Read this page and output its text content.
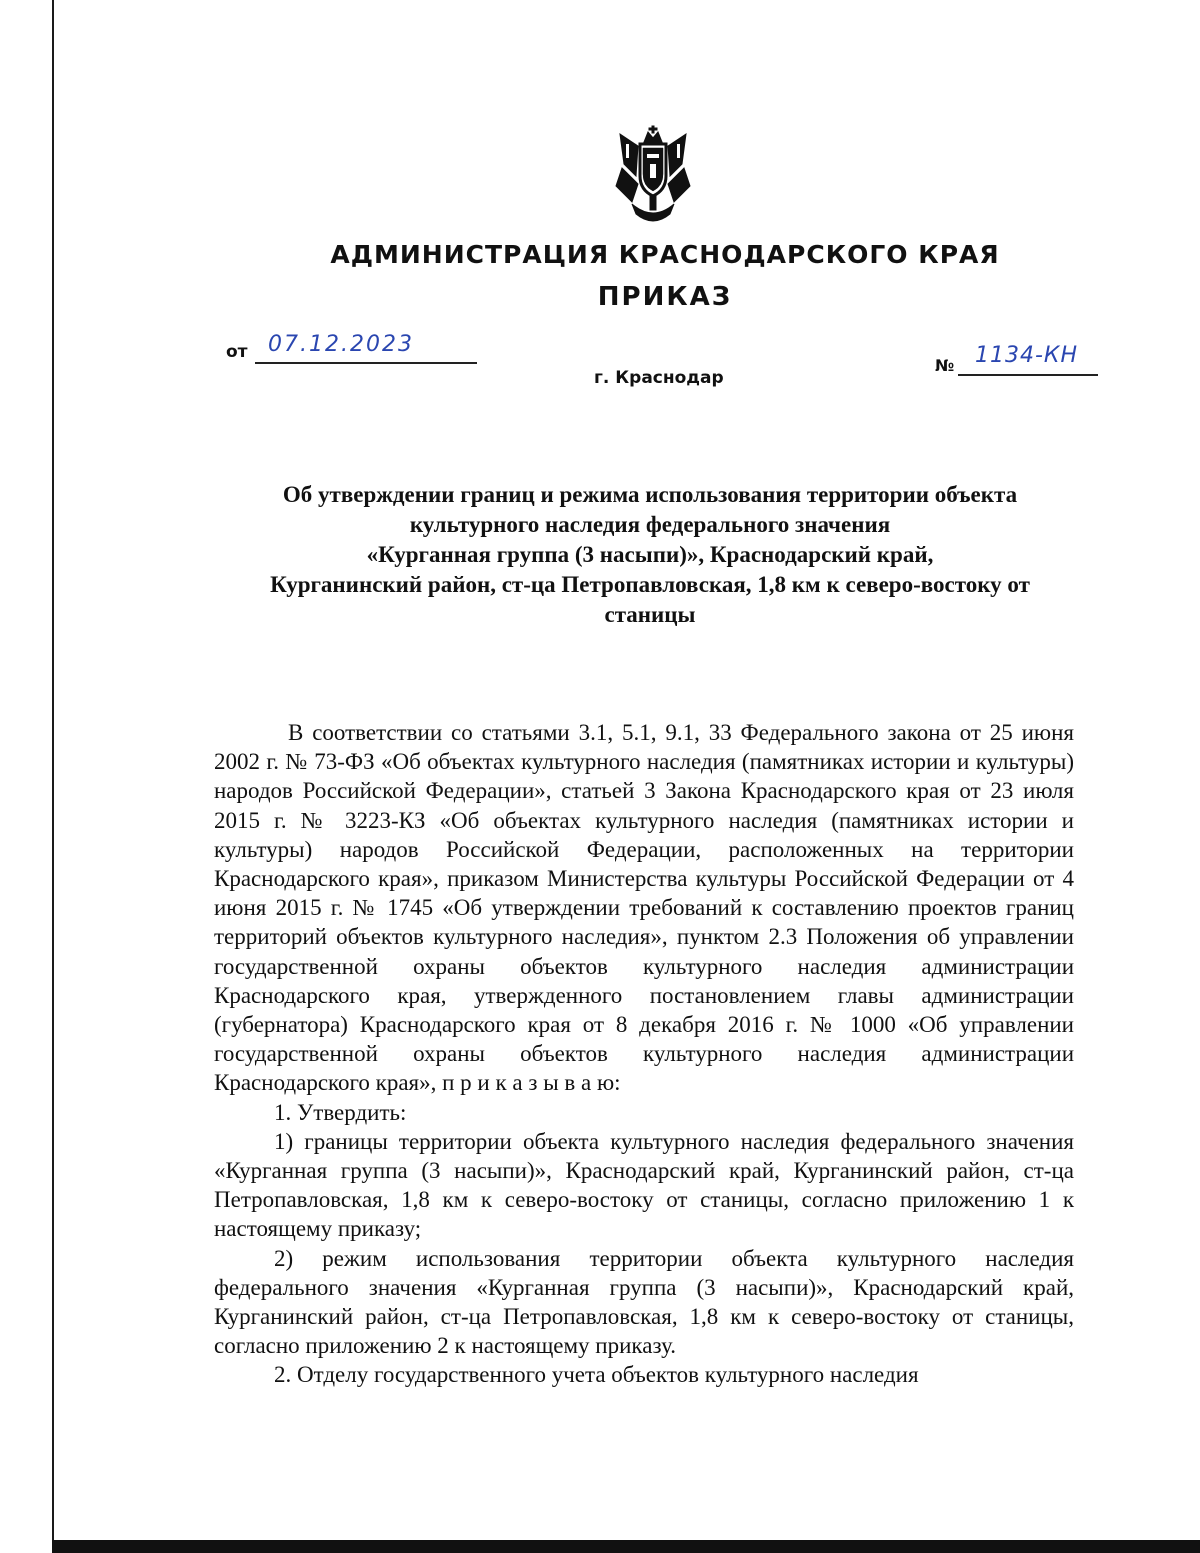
АДМИНИСТРАЦИЯ КРАСНОДАРСКОГО КРАЯ
ПРИКАЗ
от 07.12.2023
г. Краснодар
№ 1134-КН
Об утверждении границ и режима использования территории объекта
культурного наследия федерального значения
«Курганная группа (3 насыпи)», Краснодарский край,
Курганинский район, ст-ца Петропавловская, 1,8 км к северо-востоку от
станицы

В соответствии со статьями 3.1, 5.1, 9.1, 33 Федерального закона от 25 июня 2002 г. № 73-ФЗ «Об объектах культурного наследия (памятниках истории и культуры) народов Российской Федерации», статьей 3 Закона Краснодарского края от 23 июля 2015 г. № 3223-КЗ «Об объектах культурного наследия (памятниках истории и культуры) народов Российской Федерации, расположенных на территории Краснодарского края», приказом Министерства культуры Российской Федерации от 4 июня 2015 г. № 1745 «Об утверждении требований к составлению проектов границ территорий объектов культурного наследия», пунктом 2.3 Положения об управлении государственной охраны объектов культурного наследия администрации Краснодарского края, утвержденного постановлением главы администрации (губернатора) Краснодарского края от 8 декабря 2016 г. № 1000 «Об управлении государственной охраны объектов культурного наследия администрации Краснодарского края», п р и к а з ы в а ю:

1. Утвердить:

1) границы территории объекта культурного наследия федерального значения «Курганная группа (3 насыпи)», Краснодарский край, Курганинский район, ст-ца Петропавловская, 1,8 км к северо-востоку от станицы, согласно приложению 1 к настоящему приказу;

2) режим использования территории объекта культурного наследия федерального значения «Курганная группа (3 насыпи)», Краснодарский край, Курганинский район, ст-ца Петропавловская, 1,8 км к северо-востоку от станицы, согласно приложению 2 к настоящему приказу.

2. Отделу государственного учета объектов культурного наследия
